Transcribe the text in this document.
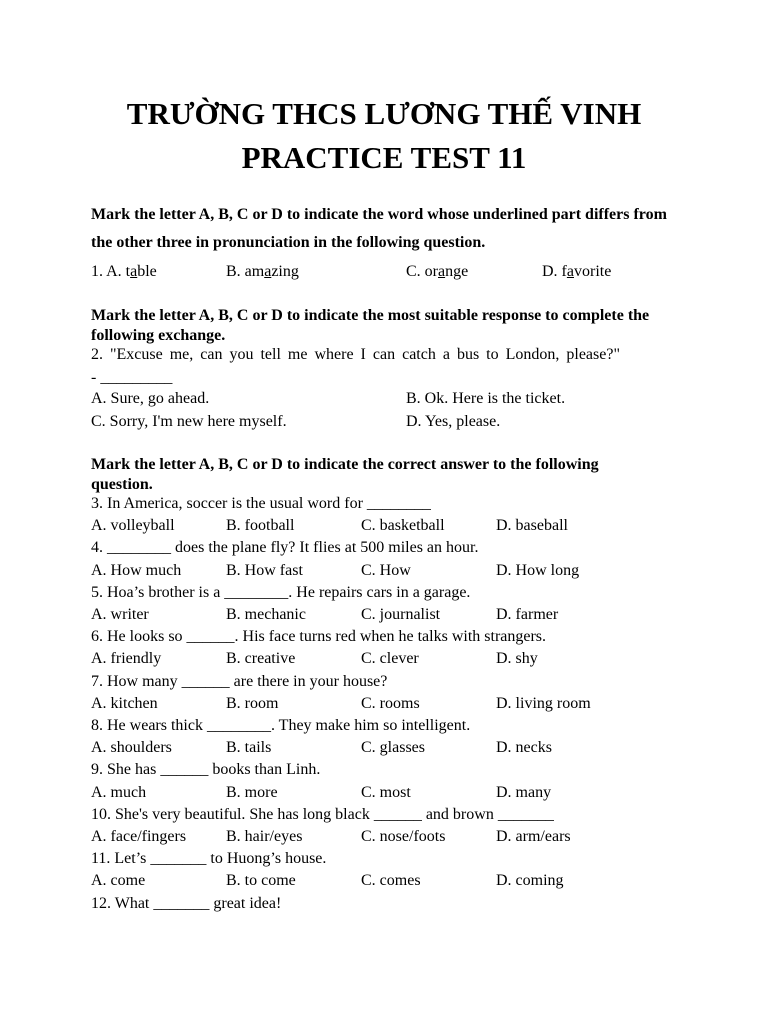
TRƯỜNG THCS LƯƠNG THẾ VINH
PRACTICE TEST 11
Mark the letter A, B, C or D to indicate the word whose underlined part differs from the other three in pronunciation in the following question.
1. A. table	B. amazing	C. orange	D. favorite
Mark the letter A, B, C or D to indicate the most suitable response to complete the following exchange.
2. "Excuse me, can you tell me where I can catch a bus to London, please?"
- _________
A. Sure, go ahead.	B. Ok. Here is the ticket.
C. Sorry, I'm new here myself.	D. Yes, please.
Mark the letter A, B, C or D to indicate the correct answer to the following question.
3. In America, soccer is the usual word for ________
A. volleyball	B. football	C. basketball	D. baseball
4. ________ does the plane fly? It flies at 500 miles an hour.
A. How much	B. How fast	C. How	D. How long
5. Hoa’s brother is a ________. He repairs cars in a garage.
A. writer	B. mechanic	C. journalist	D. farmer
6. He looks so ______. His face turns red when he talks with strangers.
A. friendly	B. creative	C. clever	D. shy
7. How many ______ are there in your house?
A. kitchen	B. room	C. rooms	D. living room
8. He wears thick ________. They make him so intelligent.
A. shoulders	B. tails	C. glasses	D. necks
9. She has ______ books than Linh.
A. much	B. more	C. most	D. many
10. She's very beautiful. She has long black ______ and brown _______
A. face/fingers B. hair/eyes	C. nose/foots	D. arm/ears
11. Let’s _______ to Huong’s house.
A. come	B. to come	C. comes	D. coming
12. What _______ great idea!
